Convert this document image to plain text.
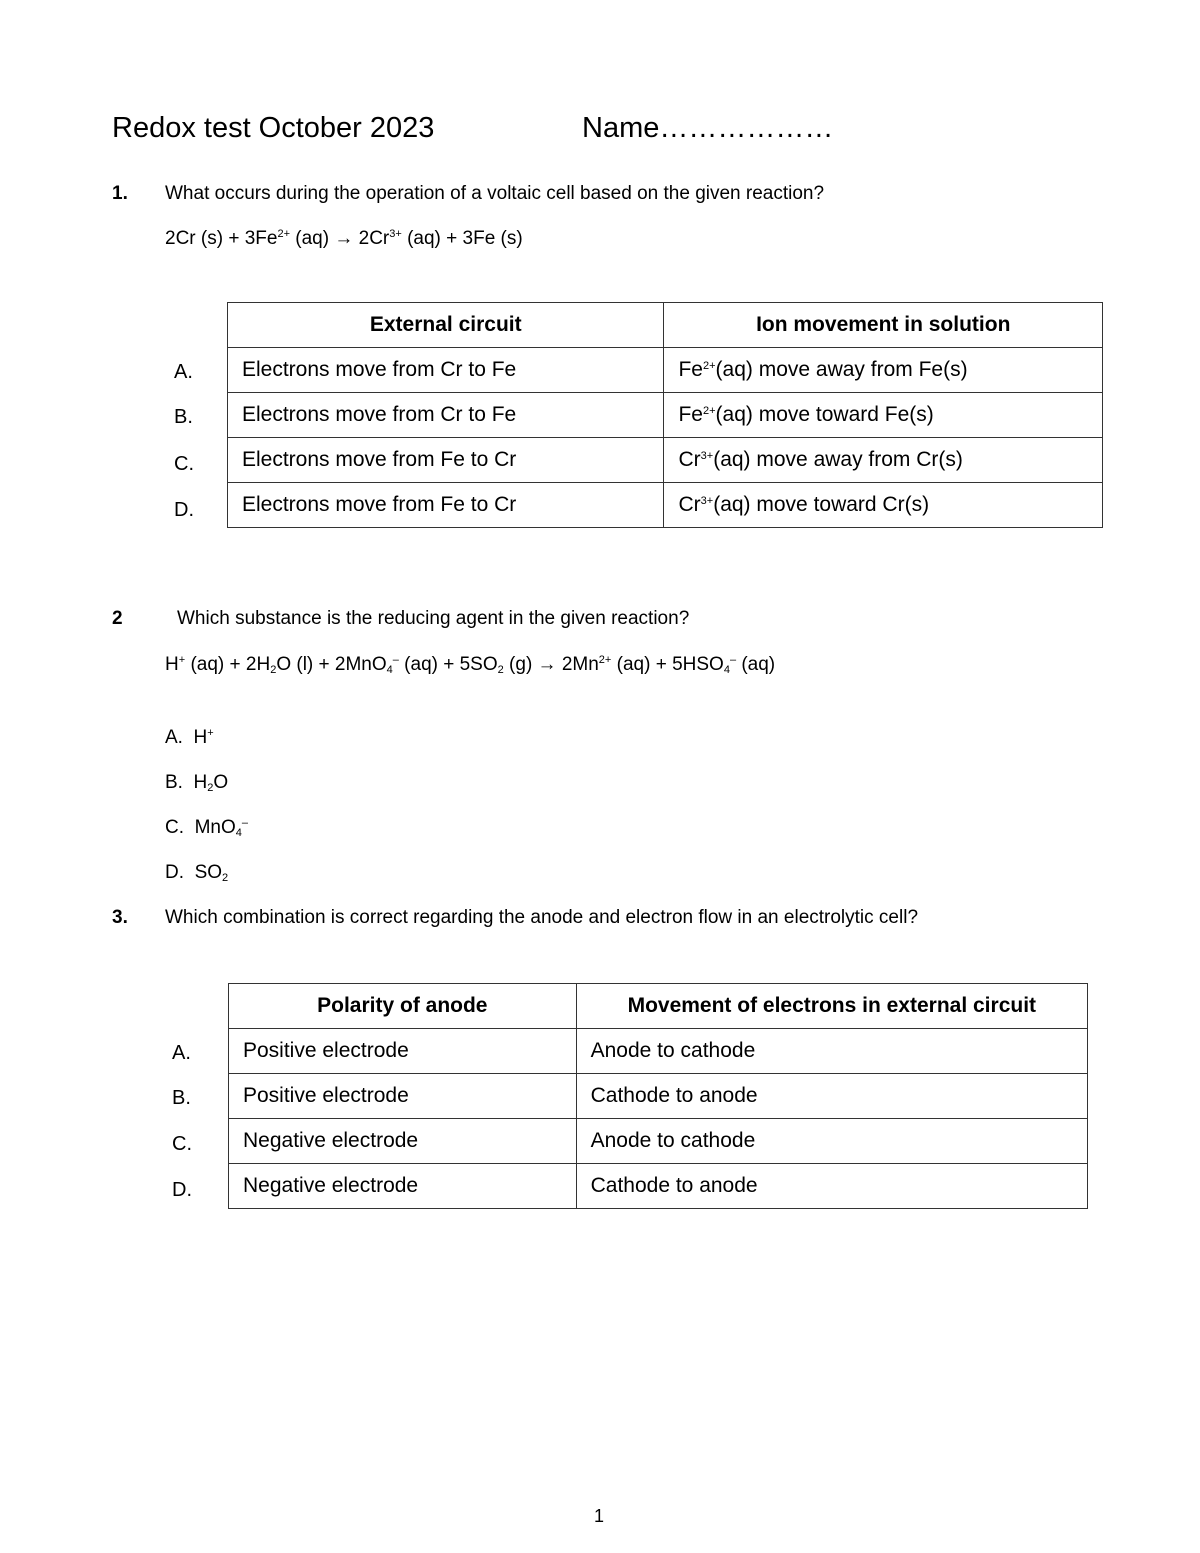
Redox test October 2023	Name………………
1. What occurs during the operation of a voltaic cell based on the given reaction?
2Cr $(s) + 3Fe^{2+}$ $(aq) \to 2Cr^{3+}$ (aq) + 3Fe (s)
A.
B.
C.
D.
External circuit	Ion movement in solution
Electrons move from Cr to Fe	$Fe^{2+}(aq)$ move away from Fe(s)
Electrons move from Cr to Fe	$Fe^{2+}(aq)$ move toward Fe(s)
Electrons move from Fe to Cr	$Cr^{3+}(aq)$ move away from Cr(s)
Electrons move from Fe to Cr	$Cr^{3+}(aq)$ move toward Cr(s)
2	Which substance is the reducing agent in the given reaction?
H+ $(aq) + 2H_2O$ (l) + 2MnO$_4$– $(aq) + 5SO_2$ $(g) \to 2Mn^{2+}$ $(aq) + 5HSO_4^-$ (aq)
A. H+
B. $H_2O$
C. MnO$_4$–
D. $SO_2$
3. Which combination is correct regarding the anode and electron flow in an electrolytic cell?
A.
B.
C.
D.
Polarity of anode	Movement of electrons in external circuit
Positive electrode	Anode to cathode
Positive electrode	Cathode to anode
Negative electrode	Anode to cathode
Negative electrode	Cathode to anode
1
